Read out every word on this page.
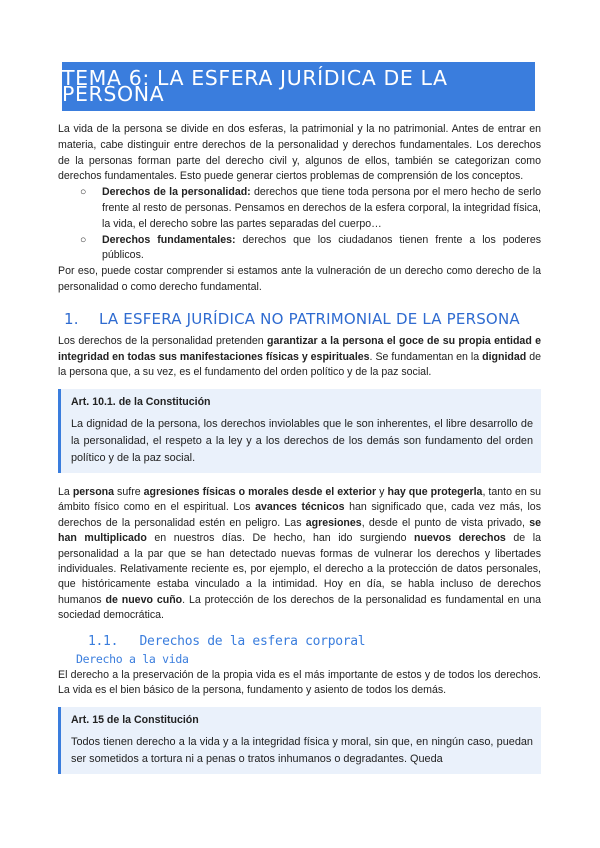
TEMA 6: LA ESFERA JURÍDICA DE LA PERSONA

La vida de la persona se divide en dos esferas, la patrimonial y la no patrimonial. Antes de entrar en materia, cabe distinguir entre derechos de la personalidad y derechos fundamentales. Los derechos de la personas forman parte del derecho civil y, algunos de ellos, también se categorizan como derechos fundamentales. Esto puede generar ciertos problemas de comprensión de los conceptos.

○ Derechos de la personalidad: derechos que tiene toda persona por el mero hecho de serlo frente al resto de personas. Pensamos en derechos de la esfera corporal, la integridad física, la vida, el derecho sobre las partes separadas del cuerpo…
○ Derechos fundamentales: derechos que los ciudadanos tienen frente a los poderes públicos.

Por eso, puede costar comprender si estamos ante la vulneración de un derecho como derecho de la personalidad o como derecho fundamental.

1. LA ESFERA JURÍDICA NO PATRIMONIAL DE LA PERSONA

Los derechos de la personalidad pretenden garantizar a la persona el goce de su propia entidad e integridad en todas sus manifestaciones físicas y espirituales. Se fundamentan en la dignidad de la persona que, a su vez, es el fundamento del orden político y de la paz social.

Art. 10.1. de la Constitución

La dignidad de la persona, los derechos inviolables que le son inherentes, el libre desarrollo de la personalidad, el respeto a la ley y a los derechos de los demás son fundamento del orden político y de la paz social.

La persona sufre agresiones físicas o morales desde el exterior y hay que protegerla, tanto en su ámbito físico como en el espiritual. Los avances técnicos han significado que, cada vez más, los derechos de la personalidad estén en peligro. Las agresiones, desde el punto de vista privado, se han multiplicado en nuestros días. De hecho, han ido surgiendo nuevos derechos de la personalidad a la par que se han detectado nuevas formas de vulnerar los derechos y libertades individuales. Relativamente reciente es, por ejemplo, el derecho a la protección de datos personales, que históricamente estaba vinculado a la intimidad. Hoy en día, se habla incluso de derechos humanos de nuevo cuño. La protección de los derechos de la personalidad es fundamental en una sociedad democrática.

1.1. Derechos de la esfera corporal
Derecho a la vida

El derecho a la preservación de la propia vida es el más importante de estos y de todos los derechos. La vida es el bien básico de la persona, fundamento y asiento de todos los demás.

Art. 15 de la Constitución

Todos tienen derecho a la vida y a la integridad física y moral, sin que, en ningún caso, puedan ser sometidos a tortura ni a penas o tratos inhumanos o degradantes. Queda
